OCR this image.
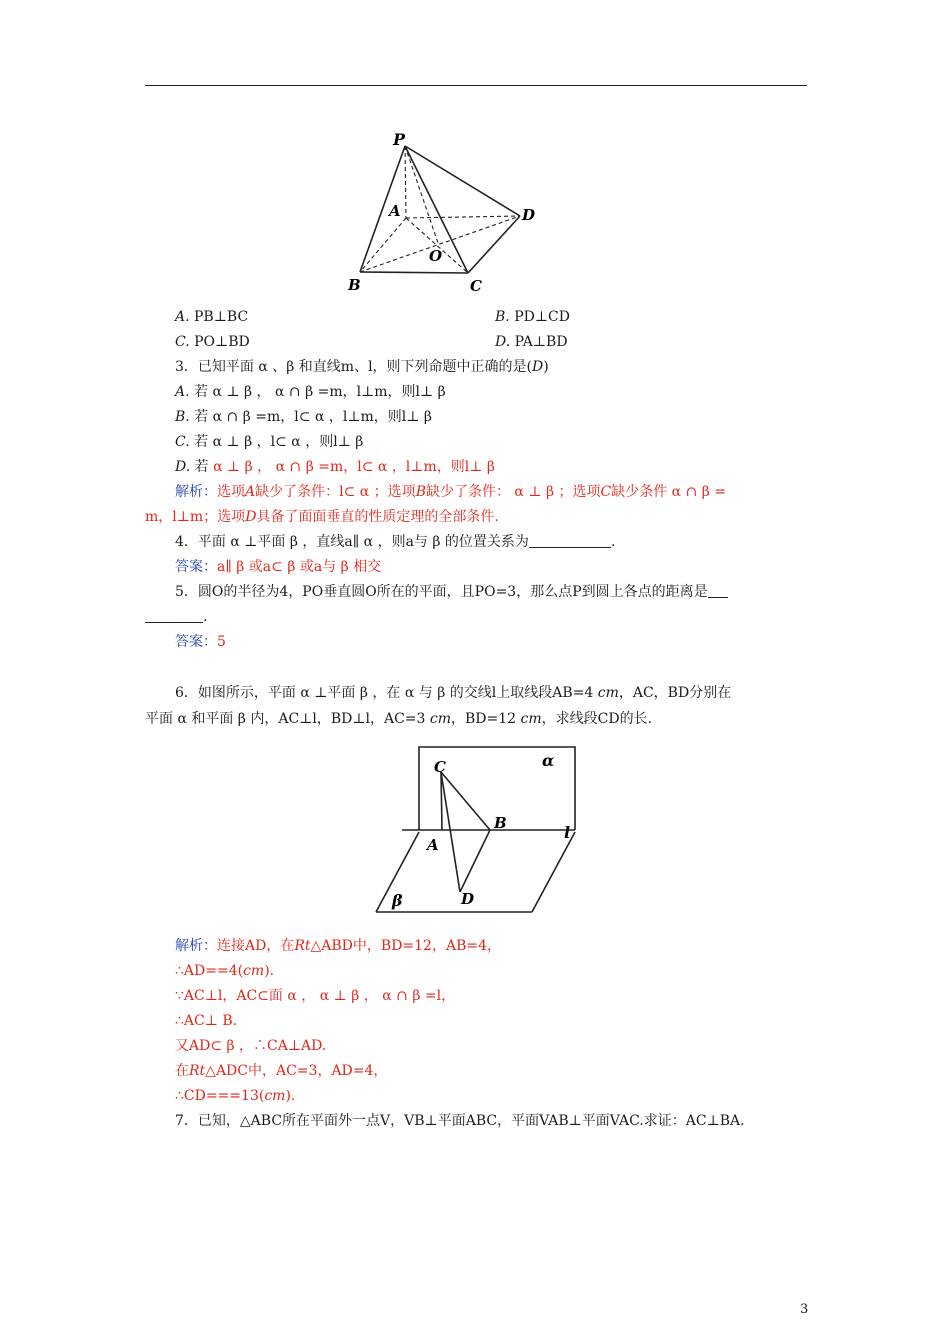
P
A	D
O
B	C
A. PB⊥BC	B. PD⊥CD
C. PO⊥BD	D. PA⊥BD
3．已知平面 α 、β 和直线m、l，则下列命题中正确的是(D)
A. 若 α ⊥ β ， α ∩ β =m，l⊥m，则l⊥ β
B. 若 α ∩ β =m，l⊂ α ，l⊥m，则l⊥ β
C. 若 α ⊥ β ，l⊂ α ，则l⊥ β
D. 若 α ⊥ β ， α ∩ β =m，l⊂ α ，l⊥m，则l⊥ β
解析：选项A缺少了条件：l⊂ α ；选项B缺少了条件： α ⊥ β ；选项C缺少条件 α ∩ β =
m，l⊥m；选项D具备了面面垂直的性质定理的全部条件.
4．平面 α ⊥平面 β ，直线a∥ α ，则a与 β 的位置关系为	.
答案：a∥ β 或a⊂ β 或a与 β 相交
5．圆O的半径为4，PO垂直圆O所在的平面，且PO=3，那么点P到圆上各点的距离是
.
答案：5
6．如图所示，平面 α ⊥平面 β ，在 α 与 β 的交线l上取线段AB=4 cm，AC，BD分别在
平面 α 和平面 β 内，AC⊥l，BD⊥l，AC=3 cm，BD=12 cm，求线段CD的长.
α
C
B	l
A
β	D
解析：连接AD，在Rt△ABD中，BD=12，AB=4，
∴AD==4(cm).
∵AC⊥l，AC⊂面 α ， α ⊥ β ， α ∩ β =l，
∴AC⊥ Β.
又AD⊂ β ，∴CA⊥AD.
在Rt△ADC中，AC=3，AD=4，
∴CD===13(cm).
7．已知，△ABC所在平面外一点V，VB⊥平面ABC，平面VAB⊥平面VAC.求证：AC⊥BA.
3
